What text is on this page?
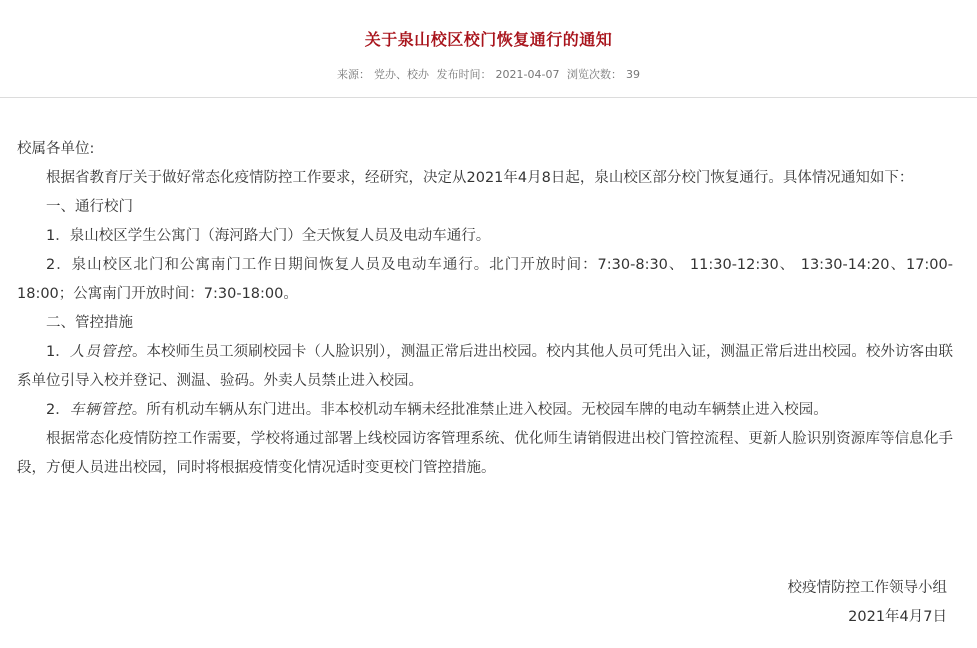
关于泉山校区校门恢复通行的通知
来源： 党办、校办 发布时间： 2021-04-07 浏览次数： 39

校属各单位:

根据省教育厅关于做好常态化疫情防控工作要求，经研究，决定从2021年4月8日起，泉山校区部分校门恢复通行。具体情况通知如下：

一、通行校门

1．泉山校区学生公寓门（海河路大门）全天恢复人员及电动车通行。

2．泉山校区北门和公寓南门工作日期间恢复人员及电动车通行。北门开放时间：7:30-8:30、 11:30-12:30、 13:30-14:20、17:00-18:00；公寓南门开放时间：7:30-18:00。

二、管控措施

1．人员管控。本校师生员工须刷校园卡（人脸识别），测温正常后进出校园。校内其他人员可凭出入证，测温正常后进出校园。校外访客由联系单位引导入校并登记、测温、验码。外卖人员禁止进入校园。

2．车辆管控。所有机动车辆从东门进出。非本校机动车辆未经批准禁止进入校园。无校园车牌的电动车辆禁止进入校园。

根据常态化疫情防控工作需要，学校将通过部署上线校园访客管理系统、优化师生请销假进出校门管控流程、更新人脸识别资源库等信息化手段，方便人员进出校园，同时将根据疫情变化情况适时变更校门管控措施。

校疫情防控工作领导小组
2021年4月7日
